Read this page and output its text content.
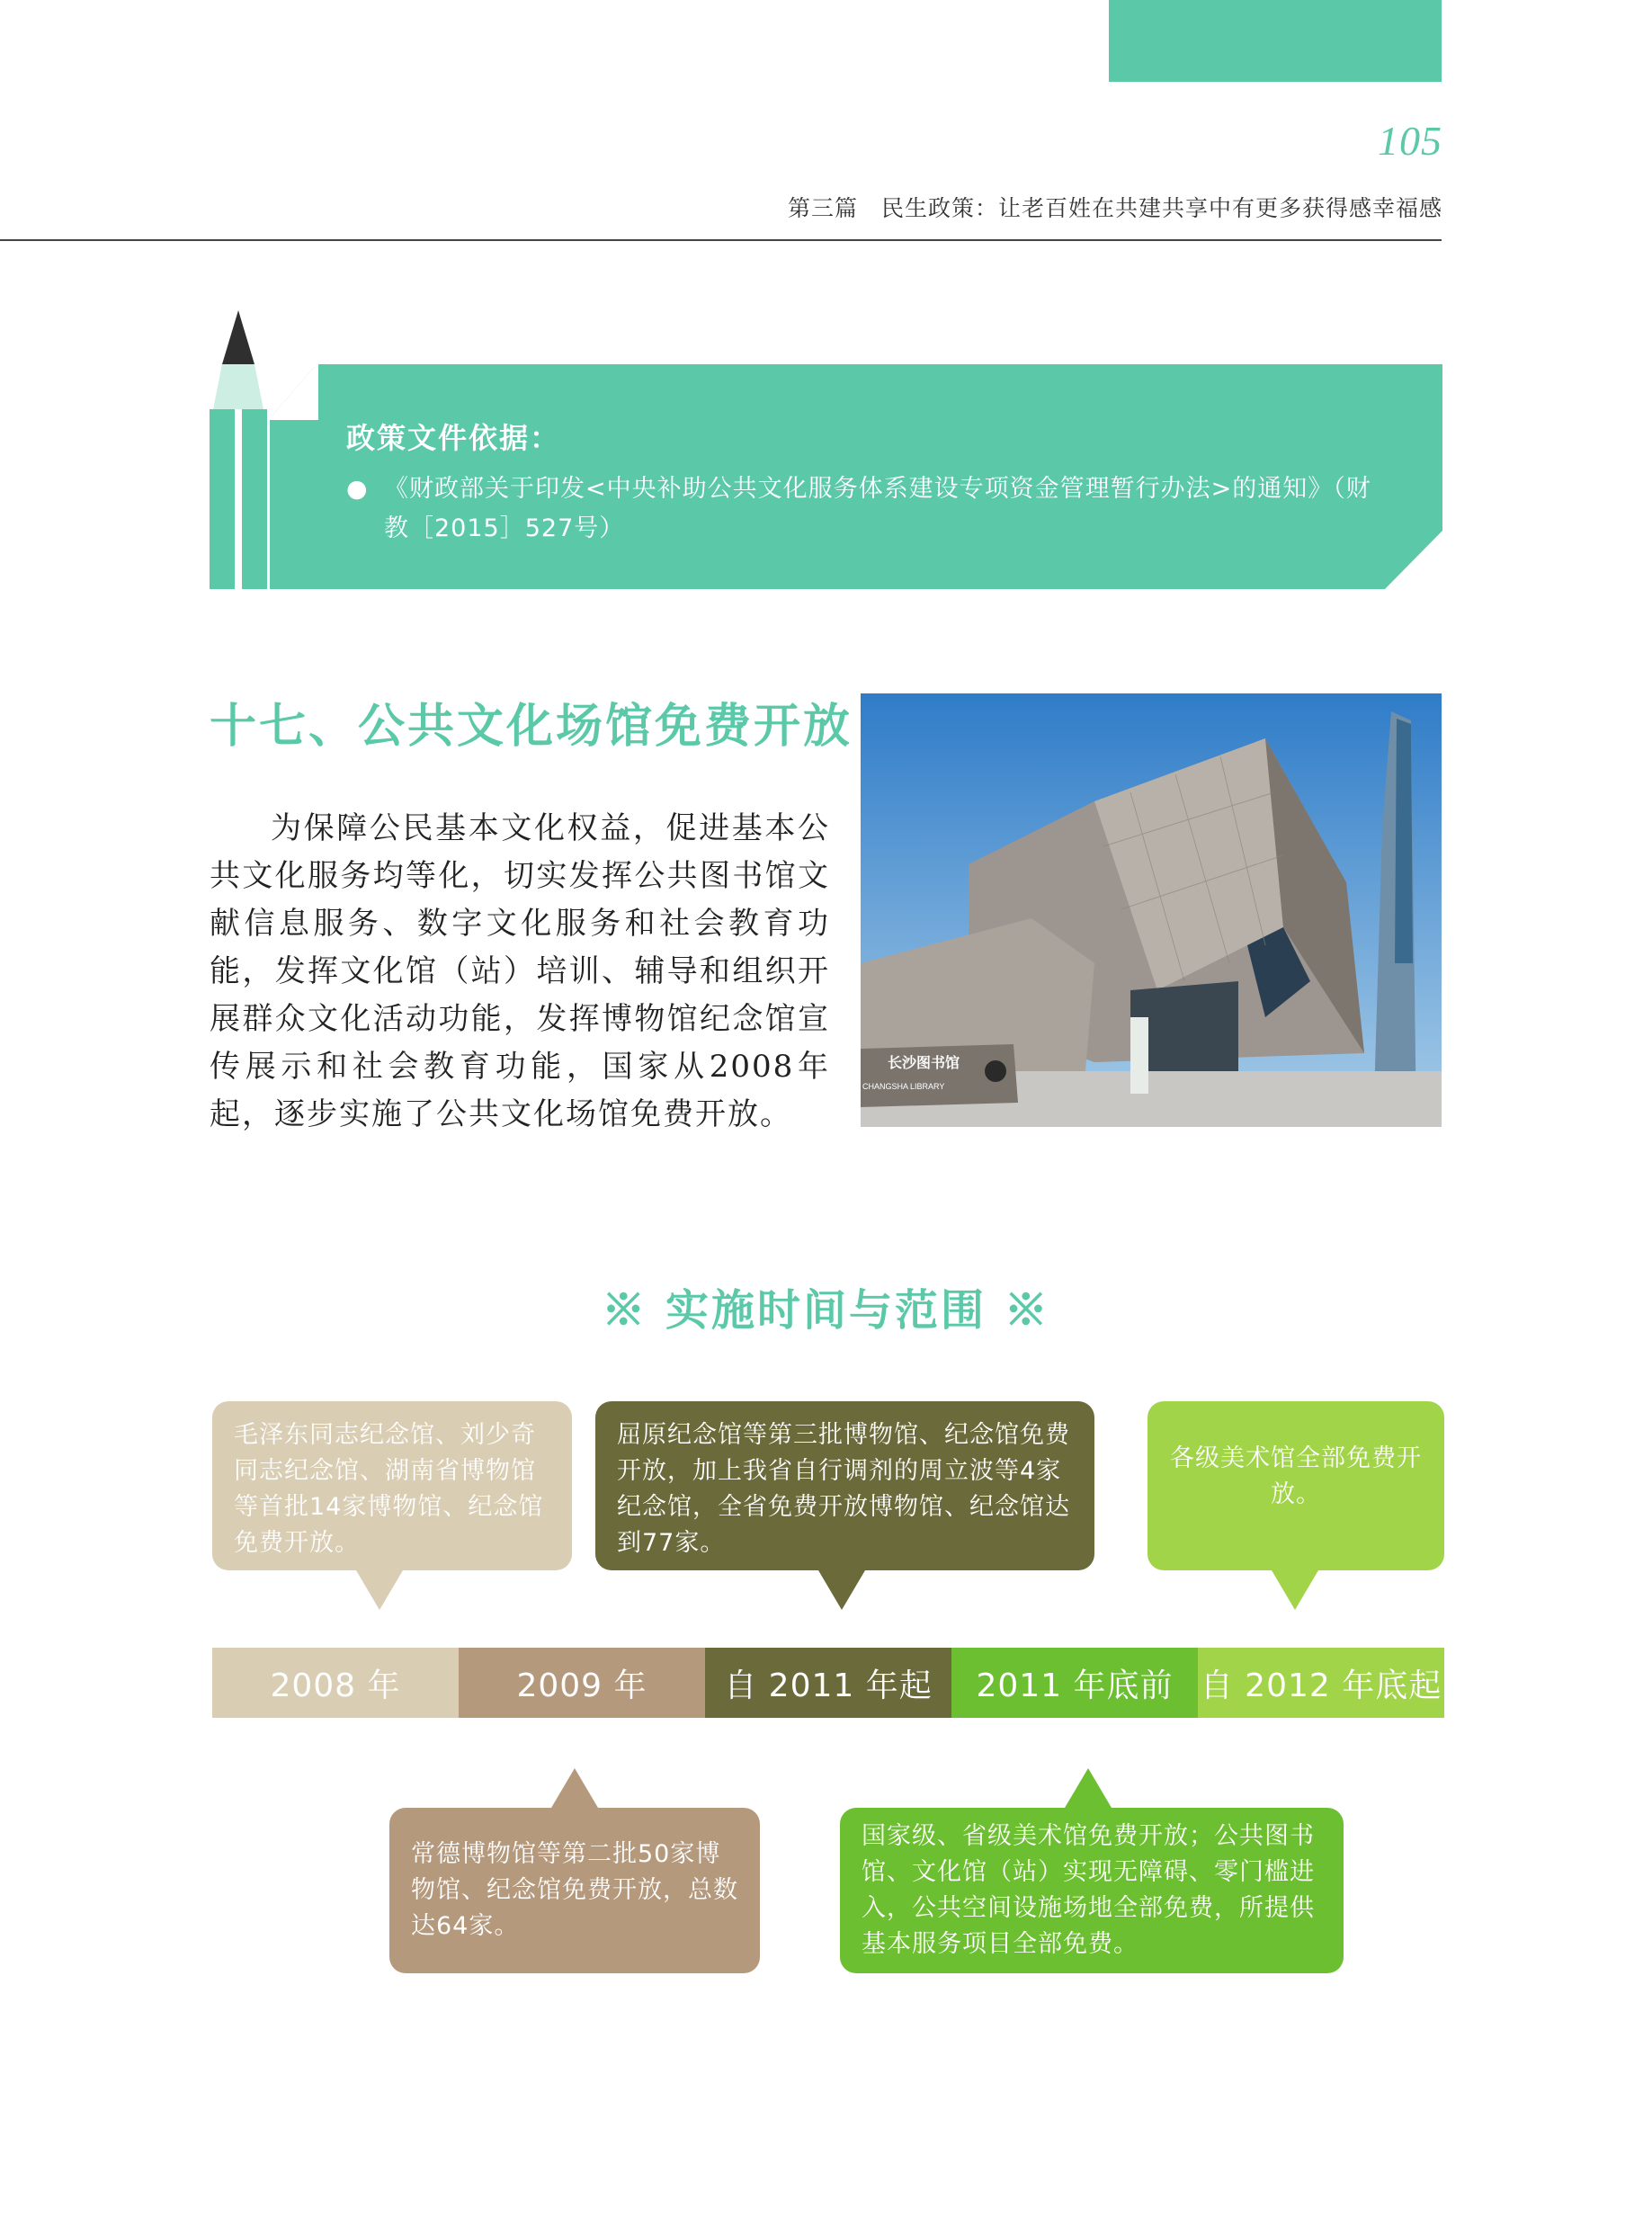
105
第三篇　民生政策：让老百姓在共建共享中有更多获得感幸福感
政策文件依据：
● 《财政部关于印发<中央补助公共文化服务体系建设专项资金管理暂行办法>的通知》（财教［2015］527号）
十七、公共文化场馆免费开放
为保障公民基本文化权益，促进基本公共文化服务均等化，切实发挥公共图书馆文献信息服务、数字文化服务和社会教育功能，发挥文化馆（站）培训、辅导和组织开展群众文化活动功能，发挥博物馆纪念馆宣传展示和社会教育功能，国家从2008年起，逐步实施了公共文化场馆免费开放。
长沙图书馆
CHANGSHA LIBRARY
※ 实施时间与范围 ※
毛泽东同志纪念馆、刘少奇同志纪念馆、湖南省博物馆等首批14家博物馆、纪念馆免费开放。
屈原纪念馆等第三批博物馆、纪念馆免费开放，加上我省自行调剂的周立波等4家纪念馆，全省免费开放博物馆、纪念馆达到77家。
各级美术馆全部免费开放。
2008 年	2009 年	自 2011 年起	2011 年底前 自 2012 年底起
常德博物馆等第二批50家博物馆、纪念馆免费开放，总数达64家。
国家级、省级美术馆免费开放；公共图书馆、文化馆（站）实现无障碍、零门槛进入，公共空间设施场地全部免费，所提供基本服务项目全部免费。
